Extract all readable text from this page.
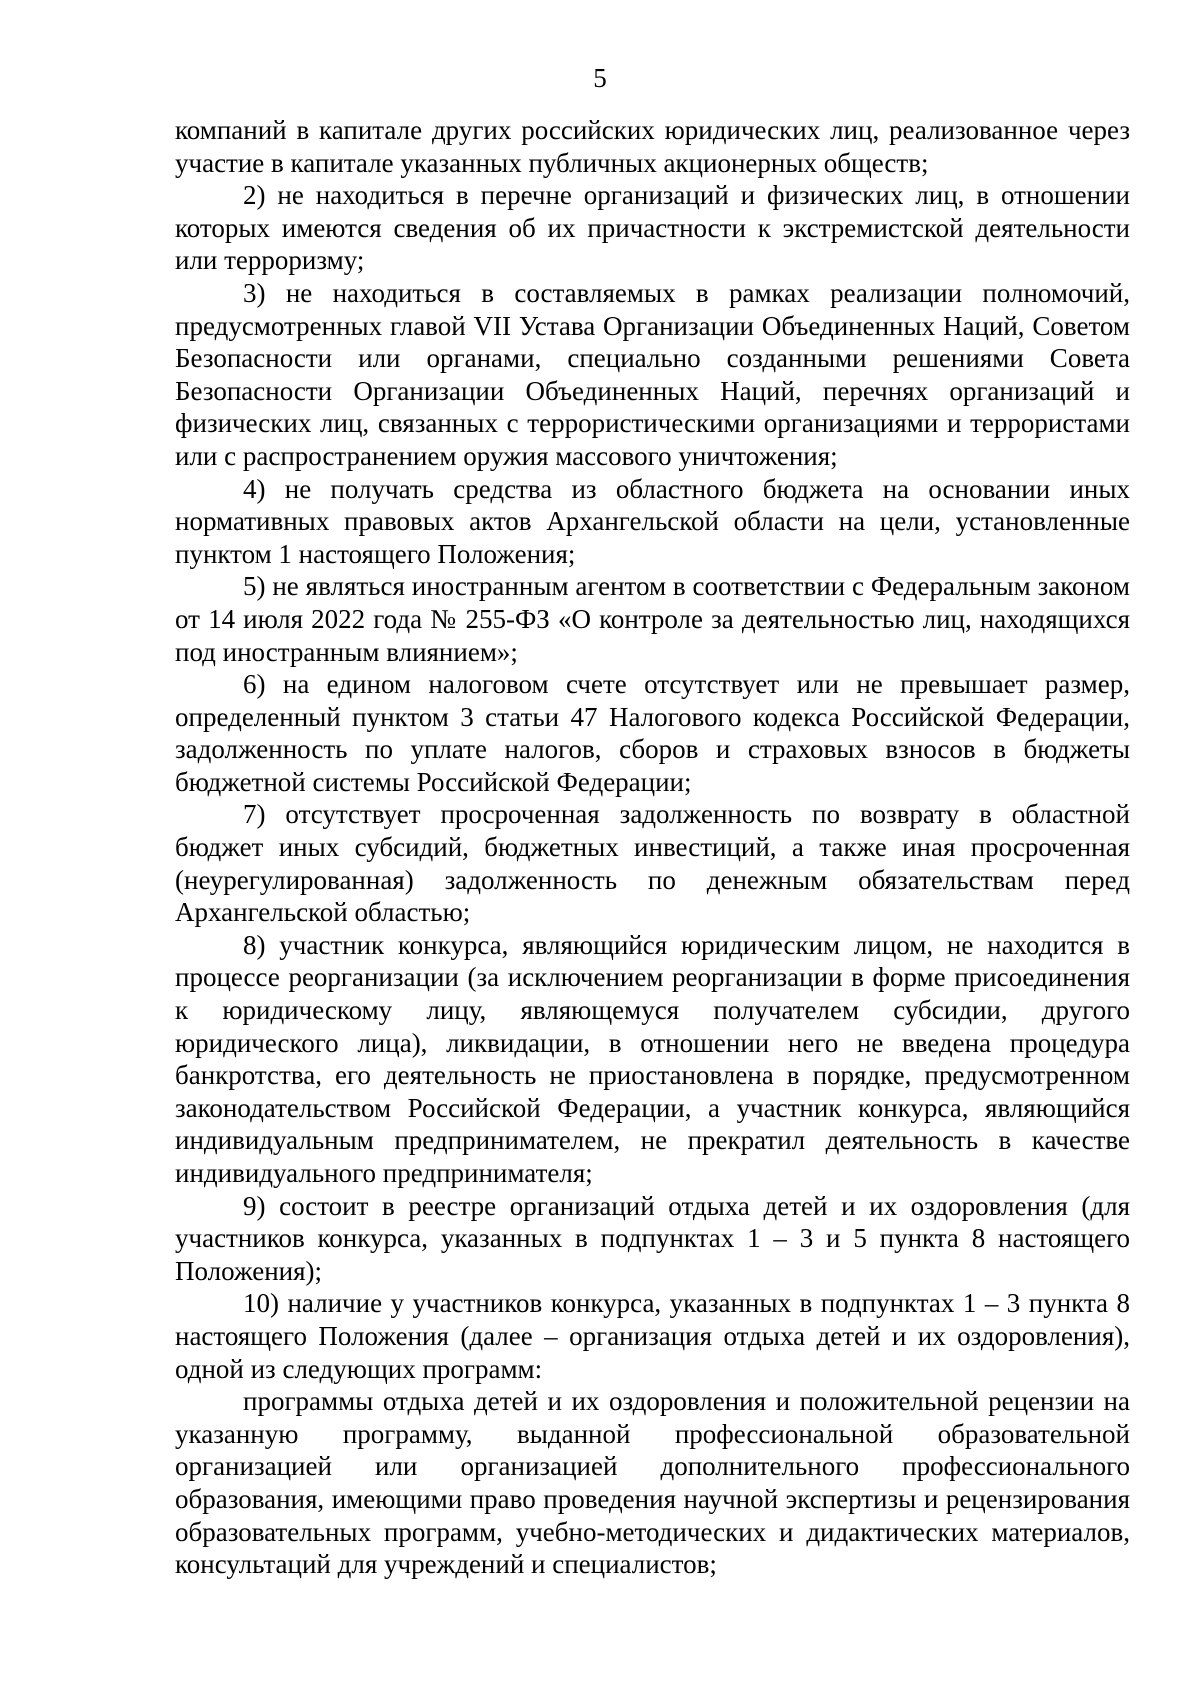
5

компаний в капитале других российских юридических лиц, реализованное через участие в капитале указанных публичных акционерных обществ;

2) не находиться в перечне организаций и физических лиц, в отношении которых имеются сведения об их причастности к экстремистской деятельности или терроризму;

3) не находиться в составляемых в рамках реализации полномочий, предусмотренных главой VII Устава Организации Объединенных Наций, Советом Безопасности или органами, специально созданными решениями Совета Безопасности Организации Объединенных Наций, перечнях организаций и физических лиц, связанных с террористическими организациями и террористами или с распространением оружия массового уничтожения;

4) не получать средства из областного бюджета на основании иных нормативных правовых актов Архангельской области на цели, установленные пунктом 1 настоящего Положения;

5) не являться иностранным агентом в соответствии с Федеральным законом от 14 июля 2022 года № 255-ФЗ «О контроле за деятельностью лиц, находящихся под иностранным влиянием»;

6) на едином налоговом счете отсутствует или не превышает размер, определенный пунктом 3 статьи 47 Налогового кодекса Российской Федерации, задолженность по уплате налогов, сборов и страховых взносов в бюджеты бюджетной системы Российской Федерации;

7) отсутствует просроченная задолженность по возврату в областной бюджет иных субсидий, бюджетных инвестиций, а также иная просроченная (неурегулированная) задолженность по денежным обязательствам перед Архангельской областью;

8) участник конкурса, являющийся юридическим лицом, не находится в процессе реорганизации (за исключением реорганизации в форме присоединения к юридическому лицу, являющемуся получателем субсидии, другого юридического лица), ликвидации, в отношении него не введена процедура банкротства, его деятельность не приостановлена в порядке, предусмотренном законодательством Российской Федерации, а участник конкурса, являющийся индивидуальным предпринимателем, не прекратил деятельность в качестве индивидуального предпринимателя;

9) состоит в реестре организаций отдыха детей и их оздоровления (для участников конкурса, указанных в подпунктах 1 – 3 и 5 пункта 8 настоящего Положения);

10) наличие у участников конкурса, указанных в подпунктах 1 – 3 пункта 8 настоящего Положения (далее – организация отдыха детей и их оздоровления), одной из следующих программ:

программы отдыха детей и их оздоровления и положительной рецензии на указанную программу, выданной профессиональной образовательной организацией или организацией дополнительного профессионального образования, имеющими право проведения научной экспертизы и рецензирования образовательных программ, учебно-методических и дидактических материалов, консультаций для учреждений и специалистов;
